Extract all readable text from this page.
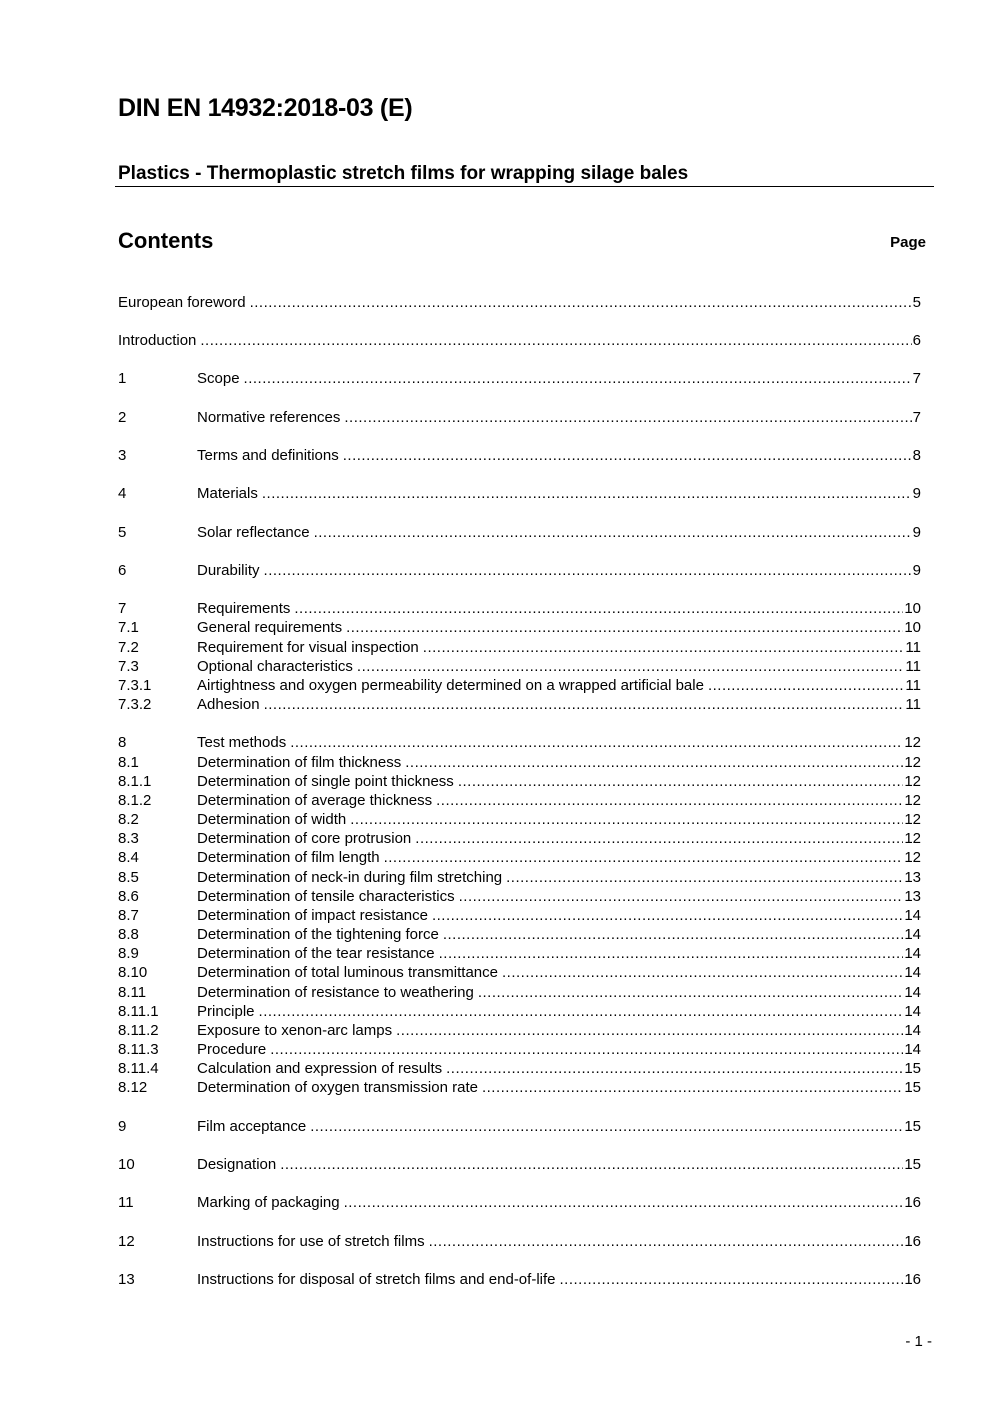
DIN EN 14932:2018-03 (E)
Plastics - Thermoplastic stretch films for wrapping silage bales
Contents	Page
European foreword .....	5
Introduction .....	6
1	Scope .....	7
2	Normative references .....	7
3	Terms and definitions .....	8
4	Materials .....	9
5	Solar reflectance .....	9
6	Durability .....	9
7	Requirements .....	10
7.1	General requirements .....	10
7.2	Requirement for visual inspection .....	11
7.3	Optional characteristics .....	11
7.3.1	Airtightness and oxygen permeability determined on a wrapped artificial bale .....	11
7.3.2	Adhesion .....	11
8	Test methods .....	12
8.1	Determination of film thickness .....	12
8.1.1	Determination of single point thickness .....	12
8.1.2	Determination of average thickness .....	12
8.2	Determination of width .....	12
8.3	Determination of core protrusion .....	12
8.4	Determination of film length .....	12
8.5	Determination of neck-in during film stretching .....	13
8.6	Determination of tensile characteristics .....	13
8.7	Determination of impact resistance .....	14
8.8	Determination of the tightening force .....	14
8.9	Determination of the tear resistance .....	14
8.10	Determination of total luminous transmittance .....	14
8.11	Determination of resistance to weathering .....	14
8.11.1	Principle .....	14
8.11.2	Exposure to xenon-arc lamps .....	14
8.11.3	Procedure .....	14
8.11.4	Calculation and expression of results .....	15
8.12	Determination of oxygen transmission rate .....	15
9	Film acceptance .....	15
10	Designation .....	15
11	Marking of packaging .....	16
12	Instructions for use of stretch films .....	16
13	Instructions for disposal of stretch films and end-of-life .....	16
- 1 -
